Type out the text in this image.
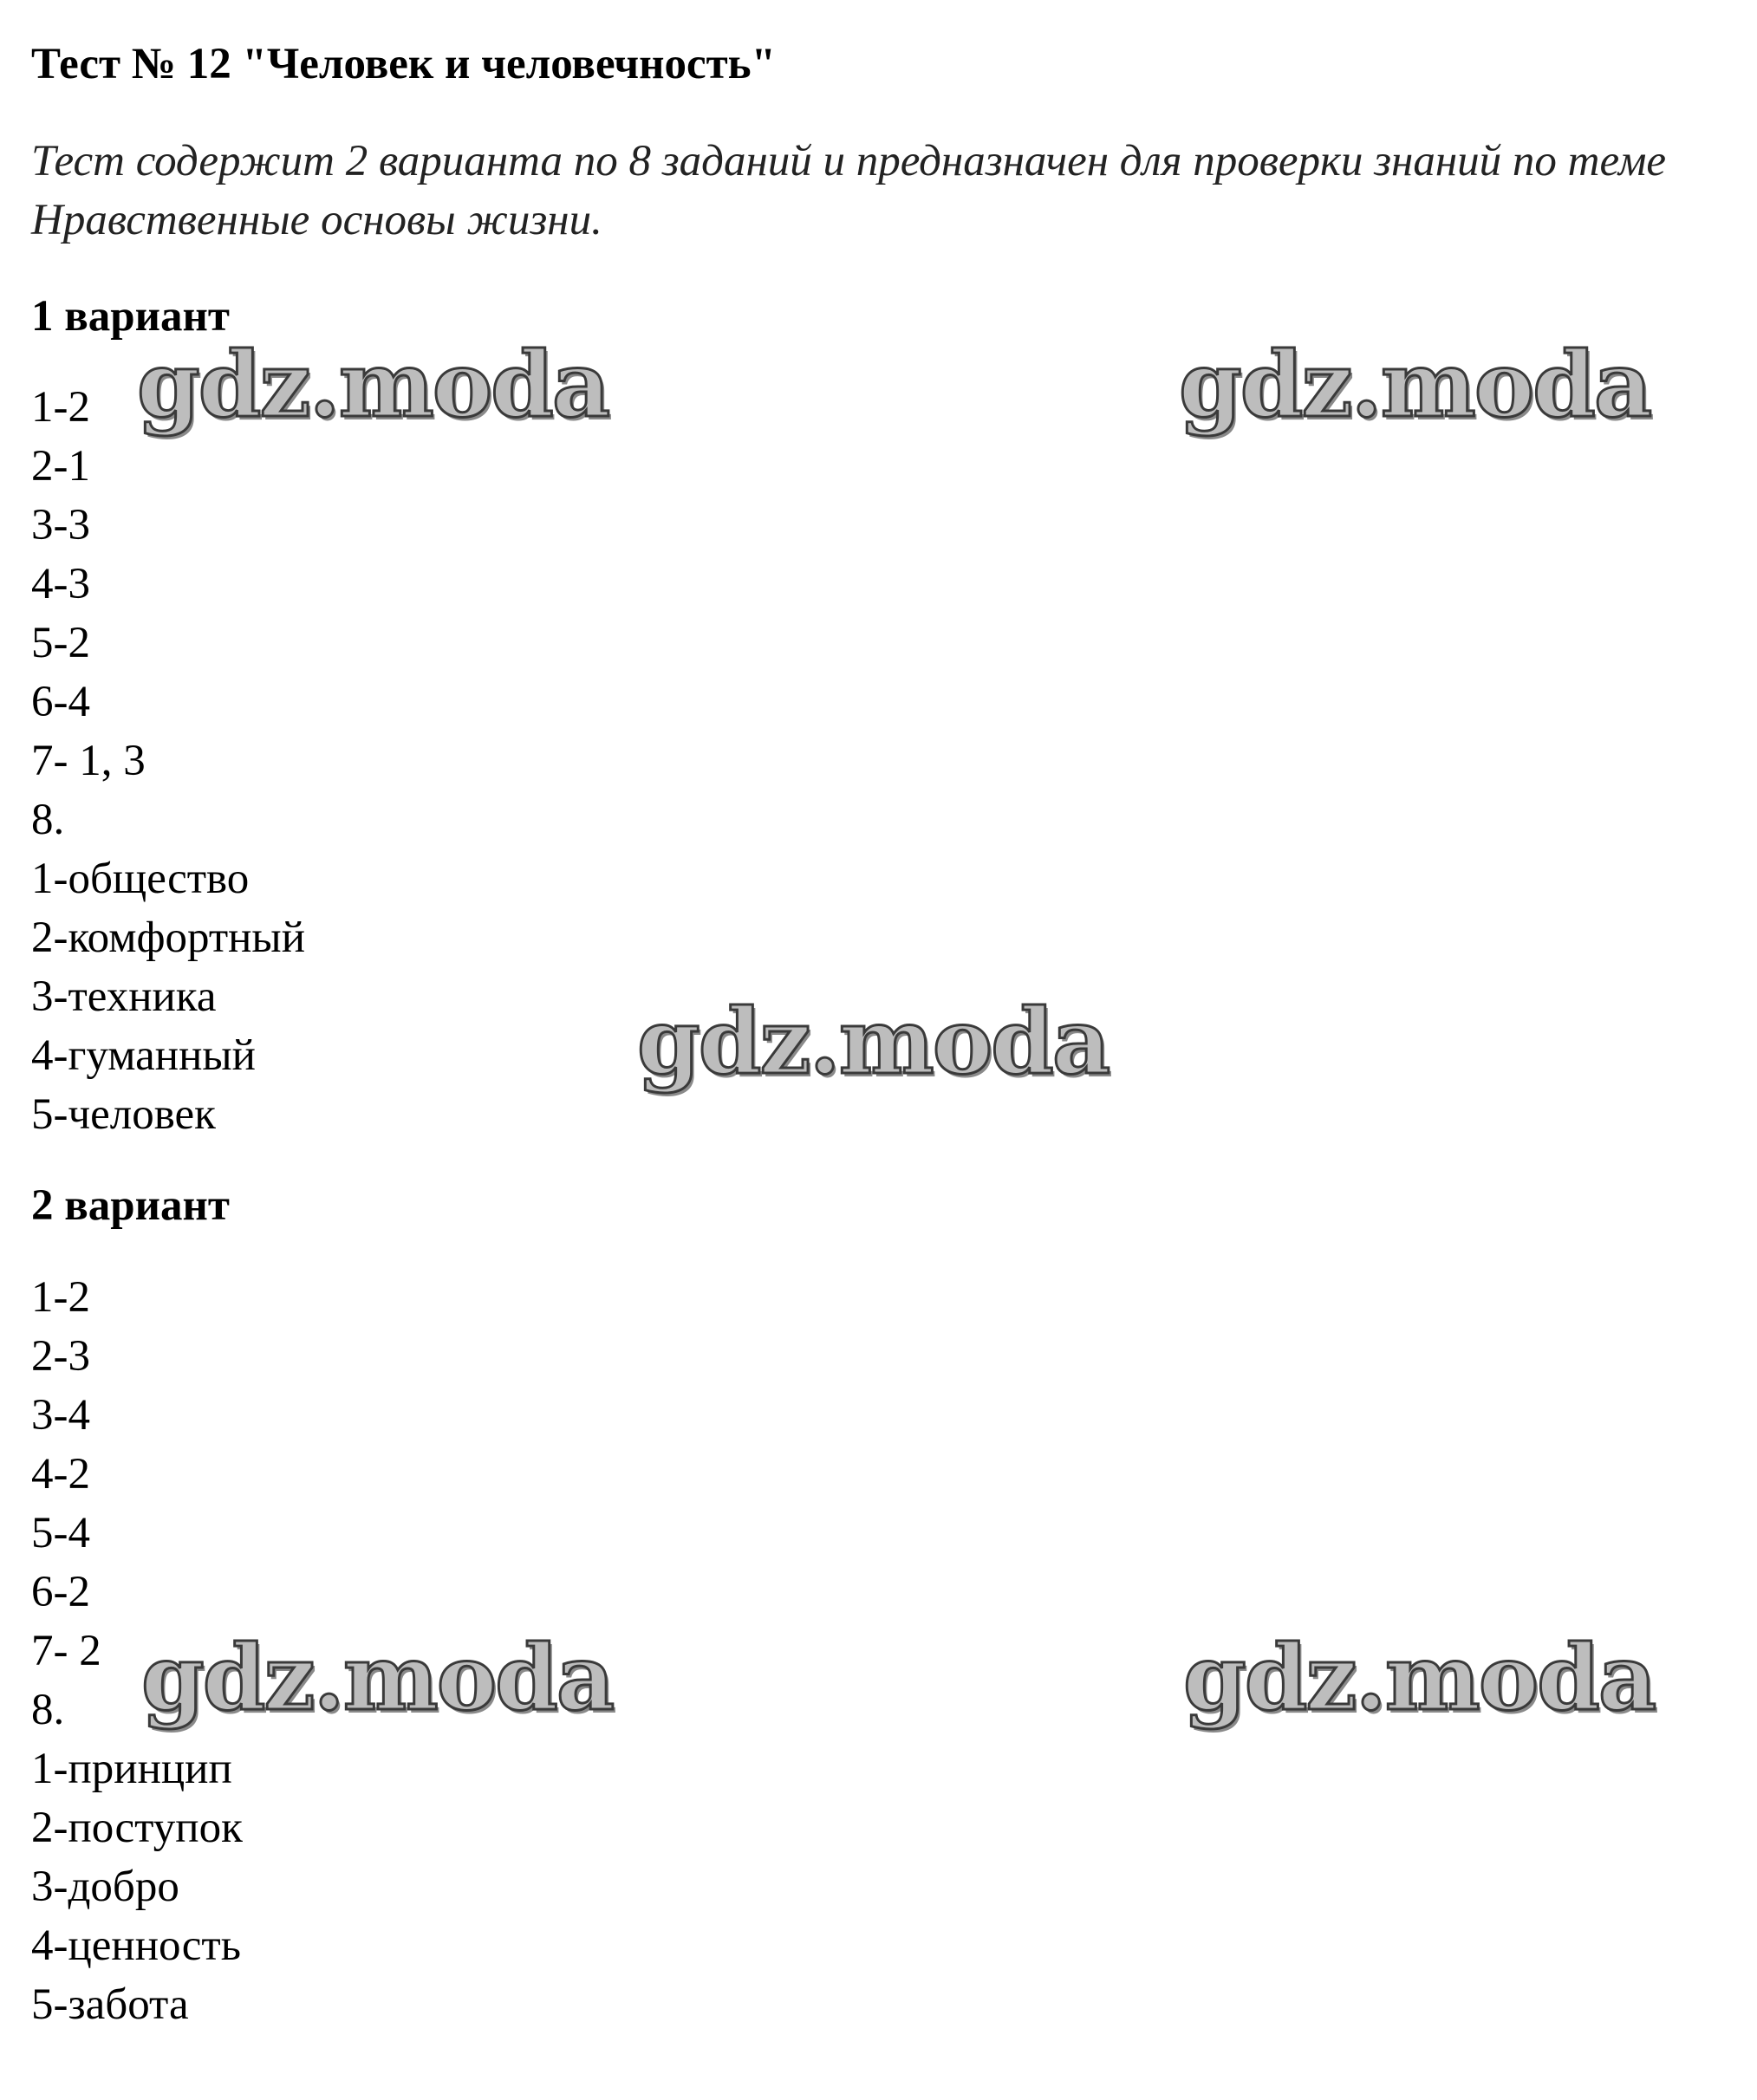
Тест № 12 "Человек и человечность"
Тест содержит 2 варианта по 8 заданий и предназначен для проверки знаний по теме Нравственные основы жизни.
1 вариант
1-2
2-1
3-3
4-3
5-2
6-4
7- 1, 3
8.
1-общество
2-комфортный
3-техника
4-гуманный
5-человек
2 вариант
1-2
2-3
3-4
4-2
5-4
6-2
7- 2
8.
1-принцип
2-поступок
3-добро
4-ценность
5-забота
gdz.moda	gdz.moda
gdz.moda
gdz.moda	gdz.moda
